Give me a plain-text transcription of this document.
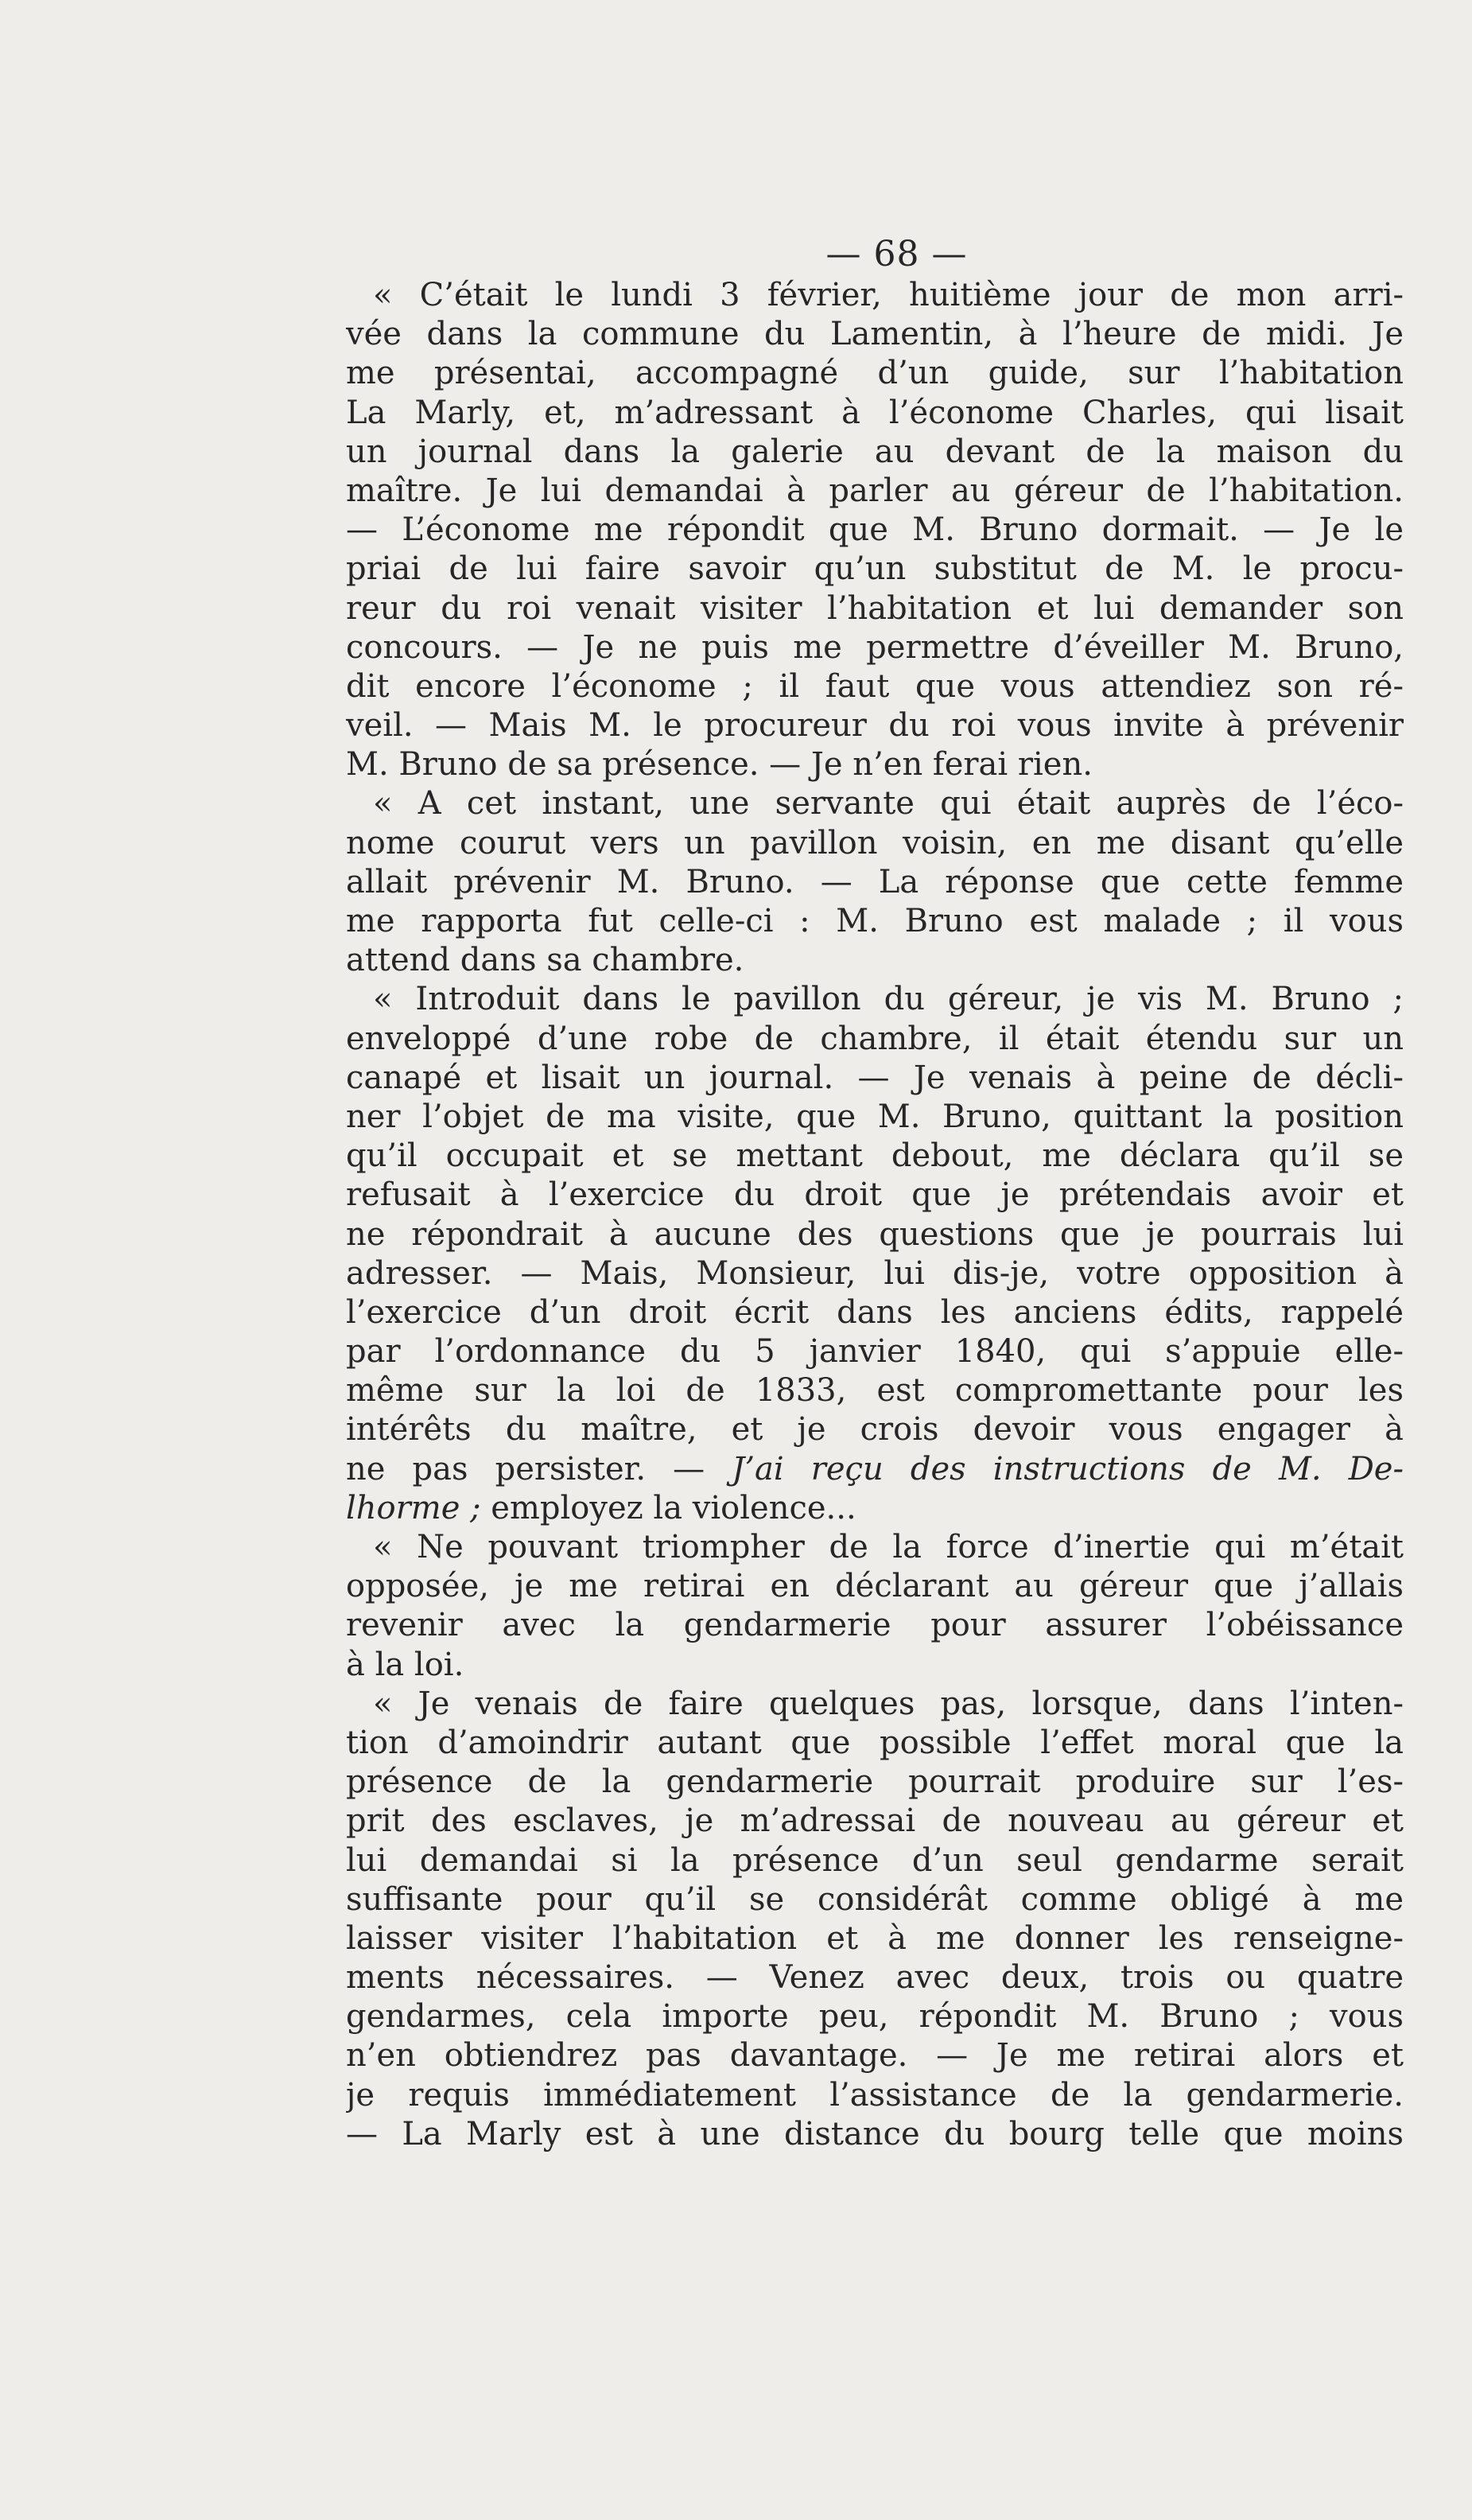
— 68 —
« C’était le lundi 3 février, huitième jour de mon arri-
vée dans la commune du Lamentin, à l’heure de midi. Je
me présentai, accompagné d’un guide, sur l’habitation
La Marly, et, m’adressant à l’économe Charles, qui lisait
un journal dans la galerie au devant de la maison du
maître. Je lui demandai à parler au géreur de l’habitation.
— L’économe me répondit que M. Bruno dormait. — Je le
priai de lui faire savoir qu’un substitut de M. le procu-
reur du roi venait visiter l’habitation et lui demander son
concours. — Je ne puis me permettre d’éveiller M. Bruno,
dit encore l’économe ; il faut que vous attendiez son ré-
veil. — Mais M. le procureur du roi vous invite à prévenir
M. Bruno de sa présence. — Je n’en ferai rien.
« A cet instant, une servante qui était auprès de l’éco-
nome courut vers un pavillon voisin, en me disant qu’elle
allait prévenir M. Bruno. — La réponse que cette femme
me rapporta fut celle-ci : M. Bruno est malade ; il vous
attend dans sa chambre.
« Introduit dans le pavillon du géreur, je vis M. Bruno ;
enveloppé d’une robe de chambre, il était étendu sur un
canapé et lisait un journal. — Je venais à peine de décli-
ner l’objet de ma visite, que M. Bruno, quittant la position
qu’il occupait et se mettant debout, me déclara qu’il se
refusait à l’exercice du droit que je prétendais avoir et
ne répondrait à aucune des questions que je pourrais lui
adresser. — Mais, Monsieur, lui dis-je, votre opposition à
l’exercice d’un droit écrit dans les anciens édits, rappelé
par l’ordonnance du 5 janvier 1840, qui s’appuie elle-
même sur la loi de 1833, est compromettante pour les
intérêts du maître, et je crois devoir vous engager à
ne pas persister. — J’ai reçu des instructions de M. De-
lhorme ; employez la violence...
« Ne pouvant triompher de la force d’inertie qui m’était
opposée, je me retirai en déclarant au géreur que j’allais
revenir avec la gendarmerie pour assurer l’obéissance
à la loi.
« Je venais de faire quelques pas, lorsque, dans l’inten-
tion d’amoindrir autant que possible l’effet moral que la
présence de la gendarmerie pourrait produire sur l’es-
prit des esclaves, je m’adressai de nouveau au géreur et
lui demandai si la présence d’un seul gendarme serait
suffisante pour qu’il se considérât comme obligé à me
laisser visiter l’habitation et à me donner les renseigne-
ments nécessaires. — Venez avec deux, trois ou quatre
gendarmes, cela importe peu, répondit M. Bruno ; vous
n’en obtiendrez pas davantage. — Je me retirai alors et
je requis immédiatement l’assistance de la gendarmerie.
— La Marly est à une distance du bourg telle que moins
